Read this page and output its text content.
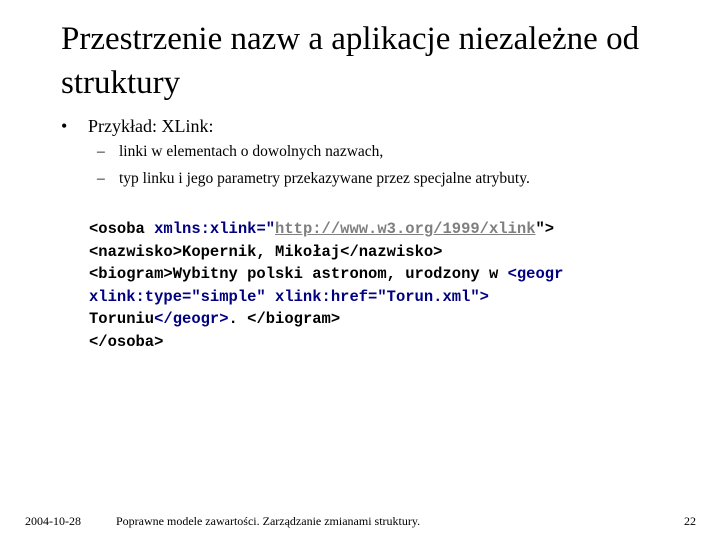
Przestrzenie nazw a aplikacje niezależne od struktury
• Przykład: XLink:
– linki w elementach o dowolnych nazwach,
– typ linku i jego parametry przekazywane przez specjalne atrybuty.
<osoba xmlns:xlink="http://www.w3.org/1999/xlink">
<nazwisko>Kopernik, Mikołaj</nazwisko>
<biogram>Wybitny polski astronom, urodzony w <geogr
xlink:type="simple" xlink:href="Torun.xml">
Toruniu</geogr>. </biogram>
</osoba>
2004-10-28	Poprawne modele zawartości. Zarządzanie zmianami struktury.	22
